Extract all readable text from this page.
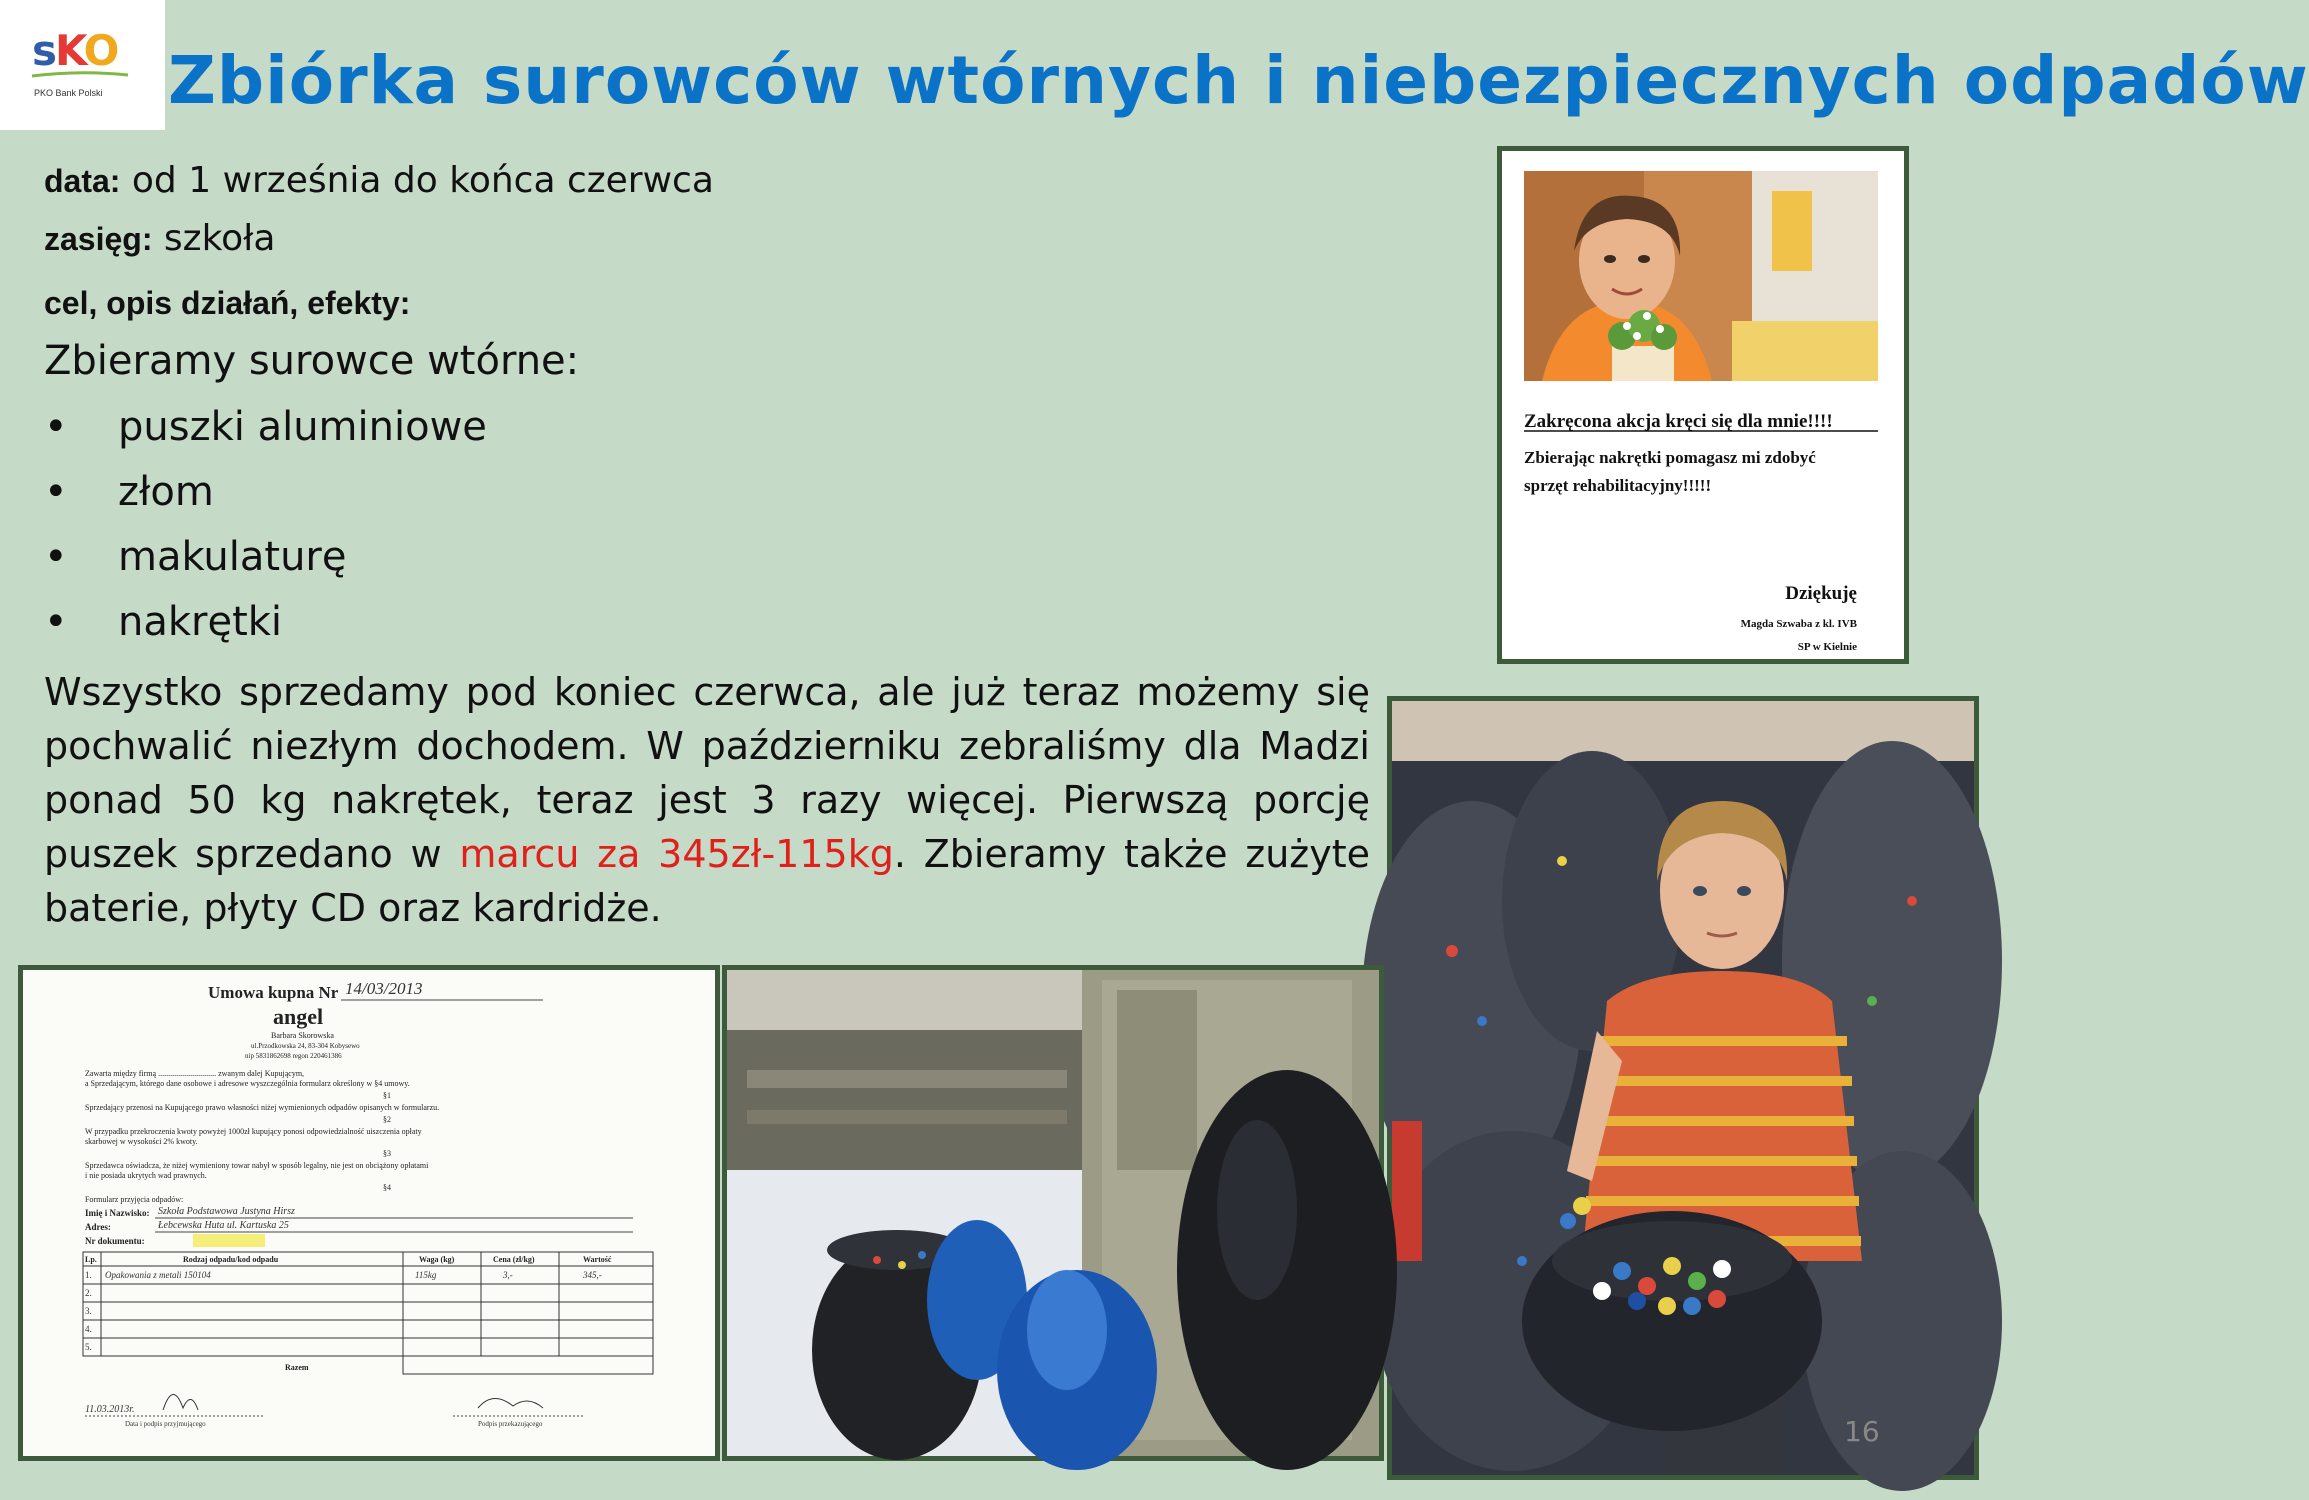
sKO
PKO Bank Polski Zbiórka surowców wtórnych i niebezpiecznych odpadów
data: od 1 września do końca czerwca
zasięg: szkoła
cel, opis działań, efekty:
Zbieramy surowce wtórne:
• puszki aluminiowe
• złom
• makulaturę
• nakrętki
Wszystko sprzedamy pod koniec czerwca, ale już teraz możemy się pochwalić niezłym dochodem. W październiku zebraliśmy dla Madzi ponad 50 kg nakrętek, teraz jest 3 razy więcej. Pierwszą porcję puszek sprzedano w marcu za 345zł-115kg. Zbieramy także zużyte baterie, płyty CD oraz kardridże.
Zakręcona akcja kręci się dla mnie!!!!
Zbierając nakrętki pomagasz mi zdobyć
sprzęt rehabilitacyjny!!!!!
Dziękuję
Magda Szwaba z kl. IVB
SP w Kielnie
Umowa kupna Nr 14/03/2013
angel
Barbara Skorowska
ul.Przodkowska 24, 83-304 Kobysewo
nip 5831862698 regon 220461386
Zawarta między firmą ............................. zwanym dalej Kupującym,
a Sprzedającym, którego dane osobowe i adresowe wyszczególnia formularz określony w §4 umowy.
§1
Sprzedający przenosi na Kupującego prawo własności niżej wymienionych odpadów opisanych w formularzu.
§2
W przypadku przekroczenia kwoty powyżej 1000zł kupujący ponosi odpowiedzialność uiszczenia opłaty
skarbowej w wysokości 2% kwoty.
§3
Sprzedawca oświadcza, że niżej wymieniony towar nabył w sposób legalny, nie jest on obciążony opłatami
i nie posiada ukrytych wad prawnych.
§4
Formularz przyjęcia odpadów:
Imię i Nazwisko: Szkoła Podstawowa Justyna Hirsz
Adres:	Łebcewska Huta ul. Kartuska 25
Nr dokumentu:
Lp.	Rodzaj odpadu/kod odpadu	Waga (kg)	Cena (zł/kg)	Wartość
1. Opakowania z metali 150104	115kg	3,-	345,-
2.
3.
4.
5.
Razem
11.03.2013r.
Data i podpis przyjmującego	Podpis przekazującego	16
